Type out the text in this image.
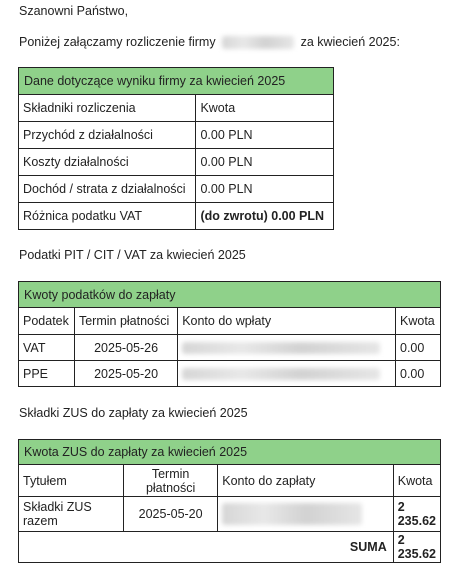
Szanowni Państwo,

Poniżej załączamy rozliczenie firmy	za kwiecień 2025:

Dane dotyczące wyniku firmy za kwiecień 2025	
Składniki rozliczenia	Kwota
Przychód z działalności	0.00 PLN
Koszty działalności	0.00 PLN
Dochód / strata z działalności	0.00 PLN
Różnica podatku VAT	(do zwrotu) 0.00 PLN

Podatki PIT / CIT / VAT za kwiecień 2025

Kwoty podatków do zapłaty			
Podatek	Termin płatności	Konto do wpłaty	Kwota
VAT	2025-05-26		0.00
PPE	2025-05-20		0.00

Składki ZUS do zapłaty za kwiecień 2025

Kwota ZUS do zapłaty za kwiecień 2025			
Tytułem	Termin płatności	Konto do zapłaty	Kwota
Składki ZUS razem	2025-05-20		2 235.62
SUMA			2 235.62
